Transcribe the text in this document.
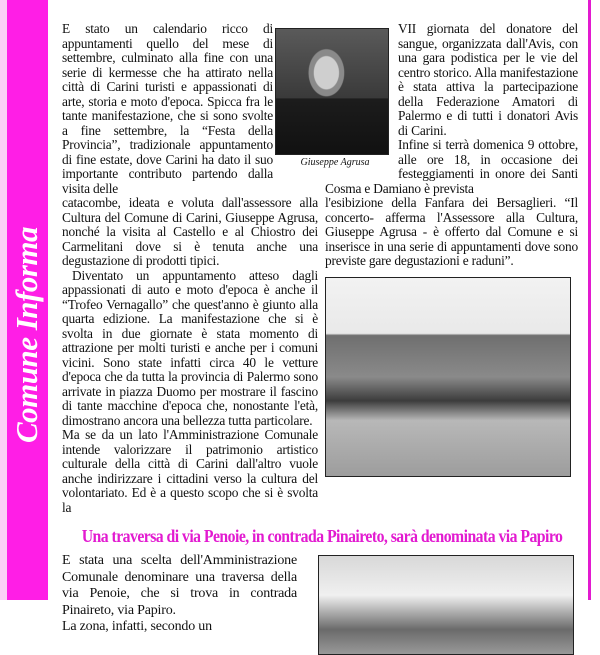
Comune Informa

E stato un calendario ricco di appuntamenti quello del mese di settembre, culminato alla fine con una serie di kermesse che ha attirato nella città di Carini turisti e appassionati di arte, storia e moto d'epoca. Spicca fra le tante manifestazione, che si sono svolte a fine settembre, la “Festa della Provincia”, tradizionale appuntamento di fine estate, dove Carini ha dato il suo importante contributo partendo dalla visita delle

catacombe, ideata e voluta dall'assessore alla Cultura del Comune di Carini, Giuseppe Agrusa, nonché la visita al Castello e al Chiostro dei Carmelitani dove si è tenuta anche una degustazione di prodotti tipici.

Diventato un appuntamento atteso dagli appassionati di auto e moto d'epoca è anche il “Trofeo Vernagallo” che quest'anno è giunto alla quarta edizione. La manifestazione che si è svolta in due giornate è stata momento di attrazione per molti turisti e anche per i comuni vicini. Sono state infatti circa 40 le vetture d'epoca che da tutta la provincia di Palermo sono arrivate in piazza Duomo per mostrare il fascino di tante macchine d'epoca che, nonostante l'età, dimostrano ancora una bellezza tutta particolare.

Ma se da un lato l'Amministrazione Comunale intende valorizzare il patrimonio artistico culturale della città di Carini dall'altro vuole anche indirizzare i cittadini verso la cultura del volontariato. Ed è a questo scopo che si è svolta la

VII giornata del donatore del sangue, organizzata dall'Avis, con una gara podistica per le vie del centro storico. Alla manifestazione è stata attiva la partecipazione della Federazione Amatori di Palermo e di tutti i donatori Avis di Carini.

Infine si terrà domenica 9 ottobre, alle ore 18, in occasione dei festeggiamenti in onore dei Santi Cosma e Damiano è prevista

l'esibizione della Fanfara dei Bersaglieri. “Il concerto- afferma l'Assessore alla Cultura, Giuseppe Agrusa - è offerto dal Comune e si inserisce in una serie di appuntamenti dove sono previste gare degustazioni e raduni”.

Giuseppe Agrusa
Una traversa di via Penoie, in contrada Pinaireto, sarà denominata via Papiro

E stata una scelta dell'Amministrazione Comunale denominare una traversa della via Penoie, che si trova in contrada Pinaireto, via Papiro.

La zona, infatti, secondo un
